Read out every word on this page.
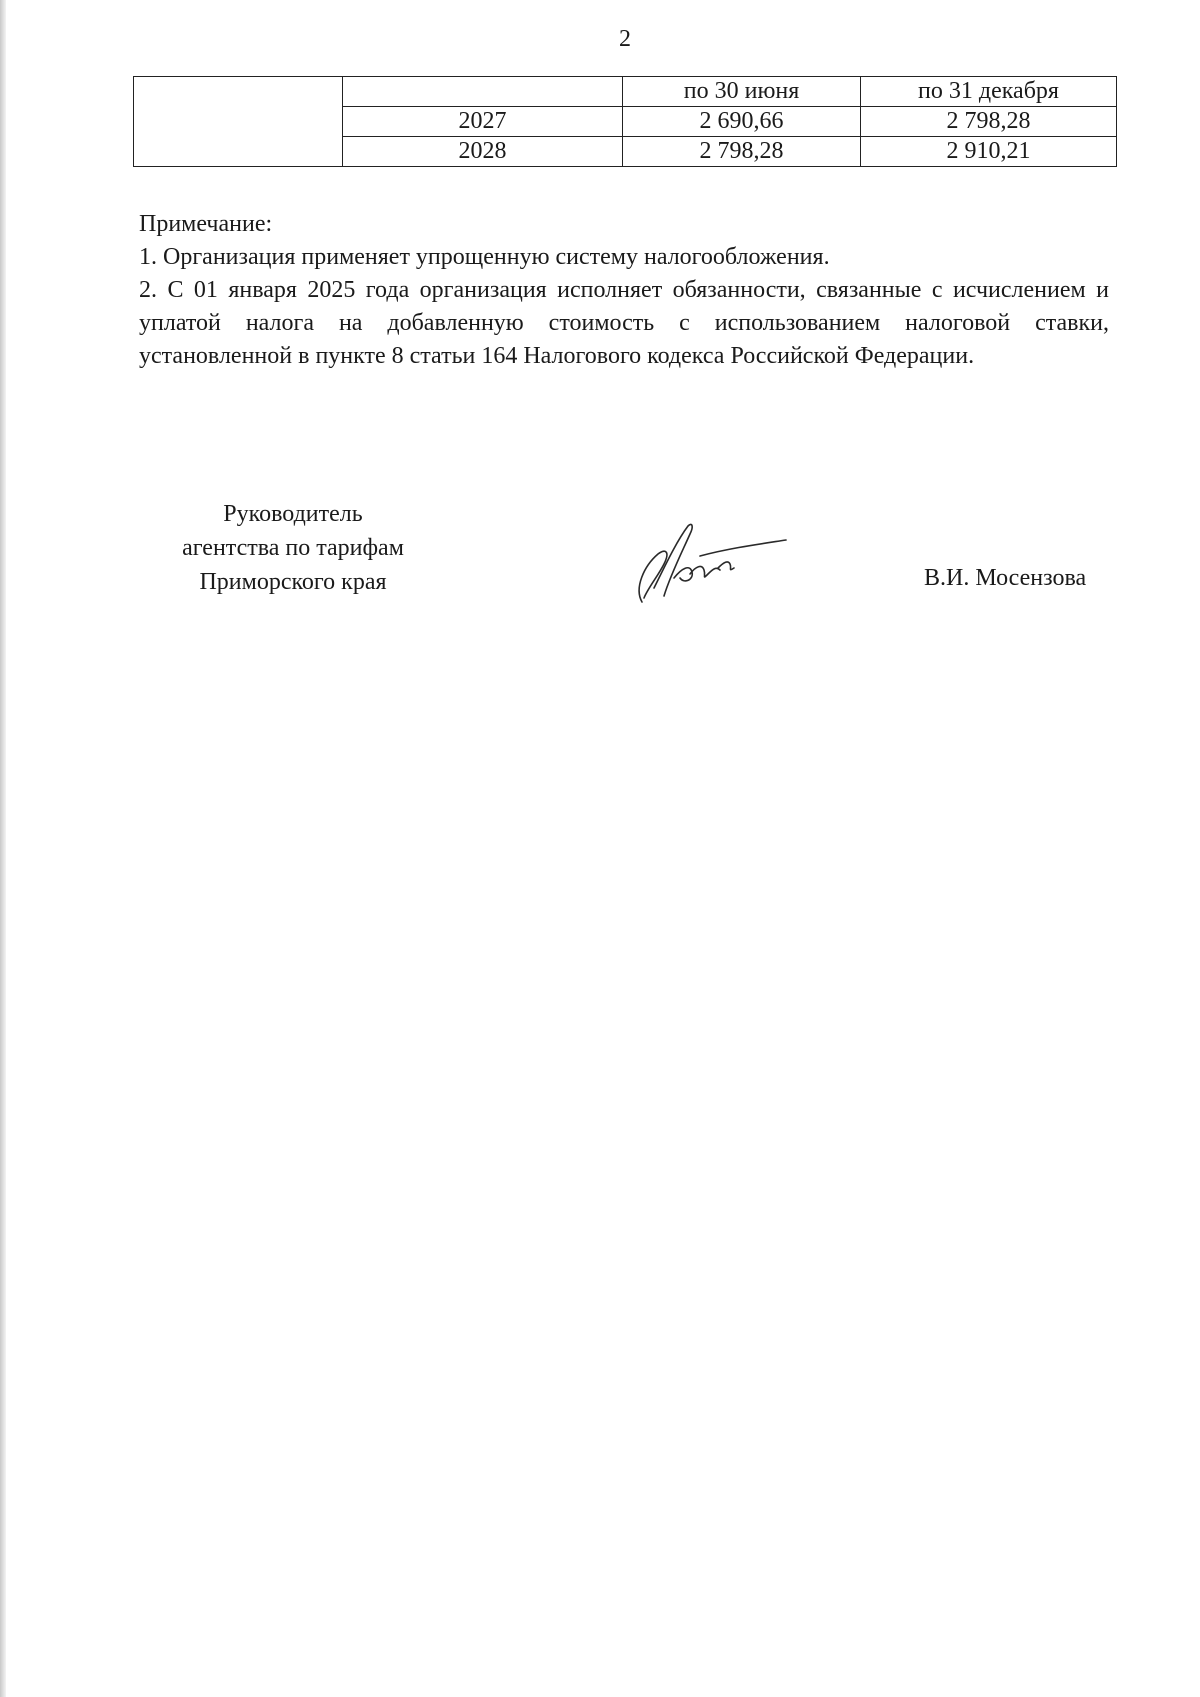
2
		по 30 июня	по 31 декабря
	2027	2 690,66	2 798,28
	2028	2 798,28	2 910,21

Примечание:

1. Организация применяет упрощенную систему налогообложения.

2. С 01 января 2025 года организация исполняет обязанности, связанные с исчислением и уплатой налога на добавленную стоимость с использованием налоговой ставки, установленной в пункте 8 статьи 164 Налогового кодекса Российской Федерации.

Руководитель
агентства по тарифам
Приморского края	В.И. Мосензова
